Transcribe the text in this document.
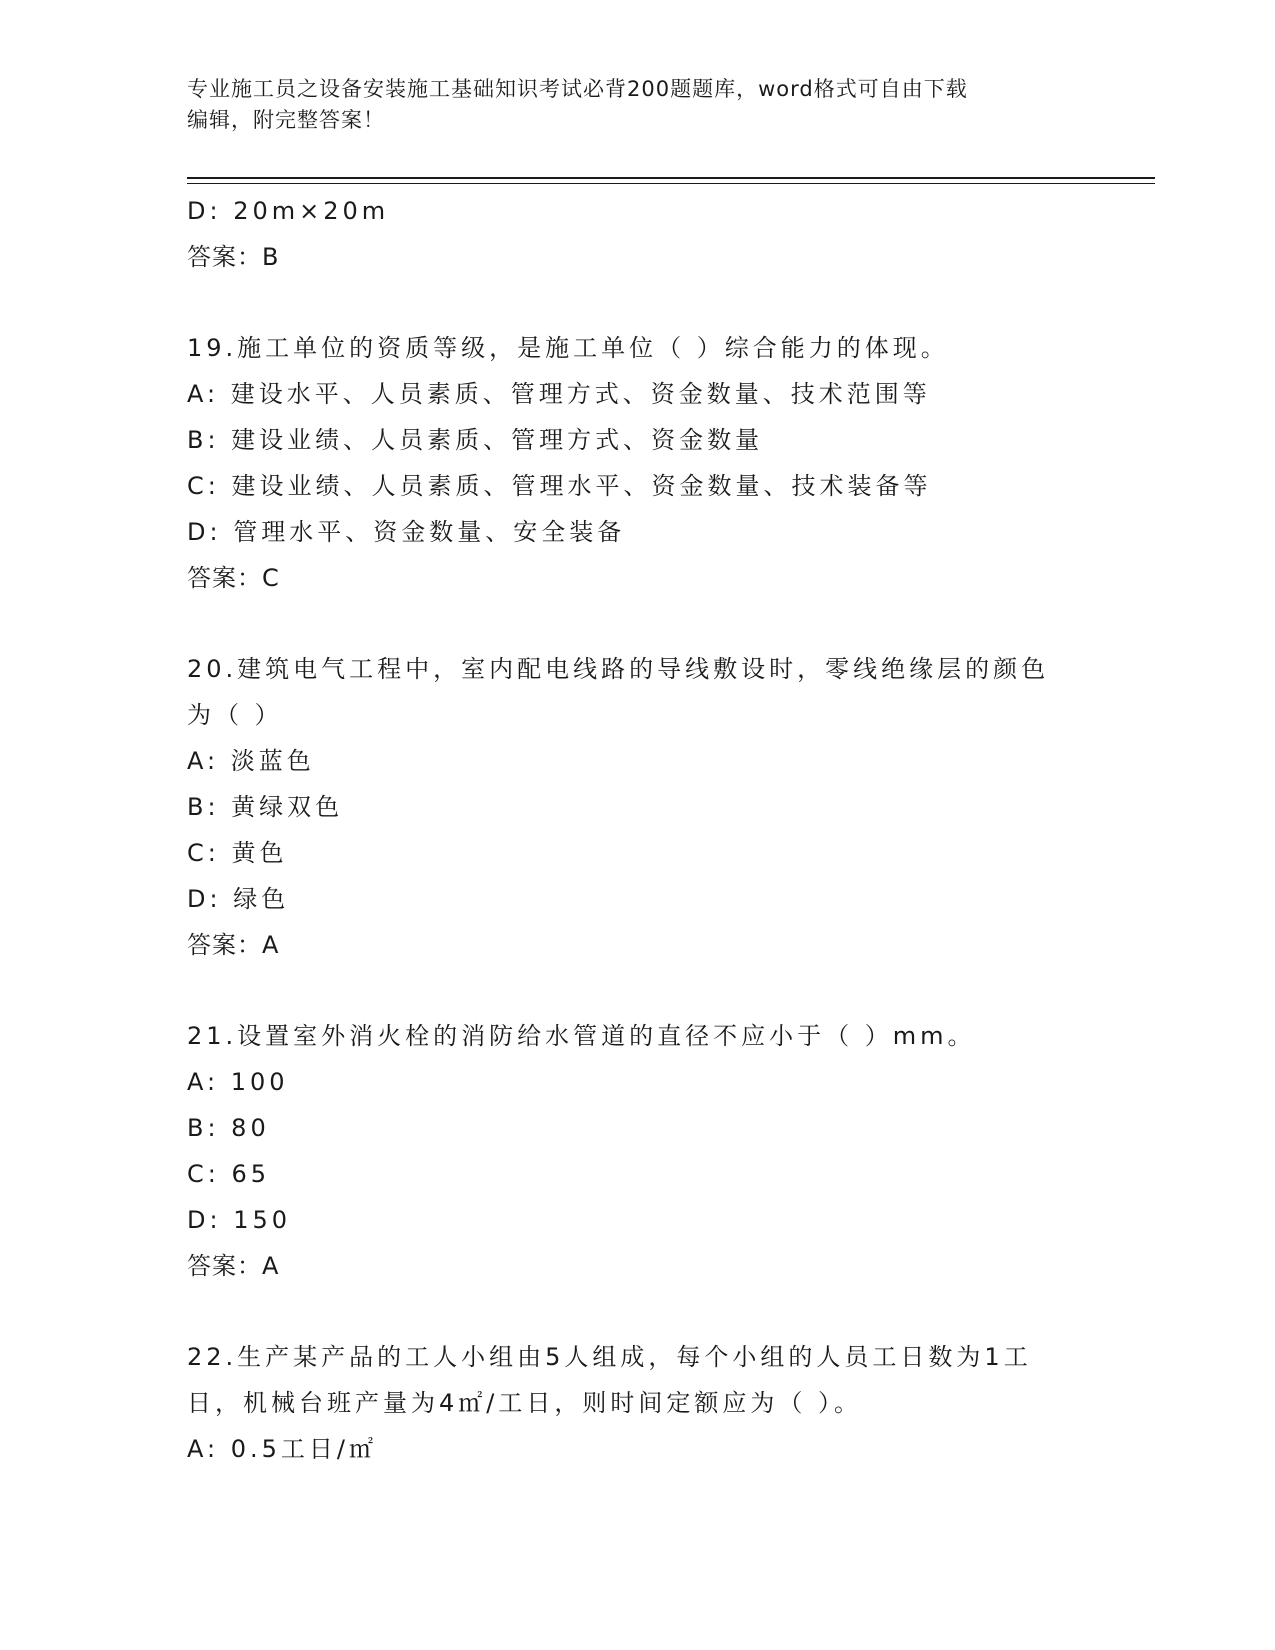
专业施工员之设备安装施工基础知识考试必背200题题库，word格式可自由下载
编辑，附完整答案！
D: 20m×20m
答案：B
19.施工单位的资质等级，是施工单位（ ）综合能力的体现。
A: 建设水平、人员素质、管理方式、资金数量、技术范围等
B: 建设业绩、人员素质、管理方式、资金数量
C: 建设业绩、人员素质、管理水平、资金数量、技术装备等
D: 管理水平、资金数量、安全装备
答案：C
20.建筑电气工程中，室内配电线路的导线敷设时，零线绝缘层的颜色
为（ ）
A: 淡蓝色
B: 黄绿双色
C: 黄色
D: 绿色
答案：A
21.设置室外消火栓的消防给水管道的直径不应小于（ ）mm。
A: 100
B: 80
C: 65
D: 150
答案：A
22.生产某产品的工人小组由5人组成，每个小组的人员工日数为1工
日，机械台班产量为4㎡/工日，则时间定额应为（ ）。
A: 0.5工日/㎡
